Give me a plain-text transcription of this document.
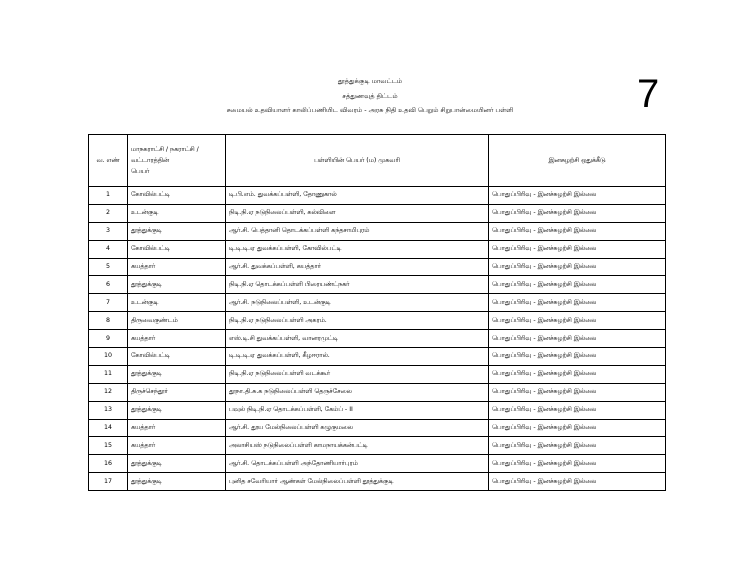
7
தூத்துக்குடி மாவட்டம்
சத்துணவுத் திட்டம்
சமையல் உதவியாளர் காலிப்பணியிட விவரம் - அரசு நிதி உதவி பெறும் சிறுபான்மையினர் பள்ளி
வ. எண்	மாநகராட்சி / நகராட்சி /
வட்டாரத்தின்
பெயர்	பள்ளியின் பெயர் (ம) முகவரி	இனசுழற்சி ஒதுக்கீடு
1	கோவில்பட்டி	டி.பி.எம். துவக்கப்பள்ளி, தோணுகால்	பொதுப்பிரிவு - இனச்சுழற்சி இல்லை
2	உடன்குடி	நிடி.நி.ஏ நடுநிலைப்பள்ளி, கல்விளை	பொதுப்பிரிவு - இனச்சுழற்சி இல்லை
3	தூத்துக்குடி	ஆர்.சி. பெத்தானி தொடக்கப்பள்ளி கந்தசாமிபுரம்	பொதுப்பிரிவு - இனச்சுழற்சி இல்லை
4	கோவில்பட்டி	டி.டி.டி.ஏ துவக்கப்பள்ளி, கோவில்பட்டி	பொதுப்பிரிவு - இனச்சுழற்சி இல்லை
5	கயத்தார்	ஆர்.சி. துவக்கப்பள்ளி, கயத்தார்	பொதுப்பிரிவு - இனச்சுழற்சி இல்லை
6	தூத்துக்குடி	நிடி.நி.ஏ தொடக்கப்பள்ளி பிரையண்ட்நகர்	பொதுப்பிரிவு - இனச்சுழற்சி இல்லை
7	உடன்குடி	ஆர்.சி. நடுநிலைப்பள்ளி, உடன்குடி	பொதுப்பிரிவு - இனச்சுழற்சி இல்லை
8	திருவைகுண்டம்	நிடி.நி.ஏ நடுநிலைப்பள்ளி அகரம்.	பொதுப்பிரிவு - இனச்சுழற்சி இல்லை
9	கயத்தார்	எஸ்.டி.சி துவக்கப்பள்ளி, வானரமுட்டி	பொதுப்பிரிவு - இனச்சுழற்சி இல்லை
10	கோவில்பட்டி	டி.டி.டி.ஏ துவக்கப்பள்ளி, கீழஈரால்.	பொதுப்பிரிவு - இனச்சுழற்சி இல்லை
11	தூத்துக்குடி	நிடி.நி.ஏ நடுநிலைப்பள்ளி வடக்கூர்	பொதுப்பிரிவு - இனச்சுழற்சி இல்லை
12	திருச்செந்தூர்	தூநா.தி.சு.க நடுநிலைப்பள்ளி தெருச்சேலை	பொதுப்பிரிவு - இனச்சுழற்சி இல்லை
13	தூத்துக்குடி	பவுல் நிடி.நி.ஏ தொடக்கப்பள்ளி, கேம்ப் - II	பொதுப்பிரிவு - இனச்சுழற்சி இல்லை
14	கயத்தார்	ஆர்.சி. தூய மேல்நிலைப்பள்ளி கழுகுமலை	பொதுப்பிரிவு - இனச்சுழற்சி இல்லை
15	கயத்தார்	அலாசியஸ் நடுநிலைப்பள்ளி காமநாயக்கன்பட்டி	பொதுப்பிரிவு - இனச்சுழற்சி இல்லை
16	தூத்துக்குடி	ஆர்.சி. தொடக்கப்பள்ளி அந்தோணியார்புரம்	பொதுப்பிரிவு - இனச்சுழற்சி இல்லை
17	தூத்துக்குடி	புனித சவேரியார் ஆண்கள் மேல்நிலைப்பள்ளி தூத்துக்குடி	பொதுப்பிரிவு - இனச்சுழற்சி இல்லை
